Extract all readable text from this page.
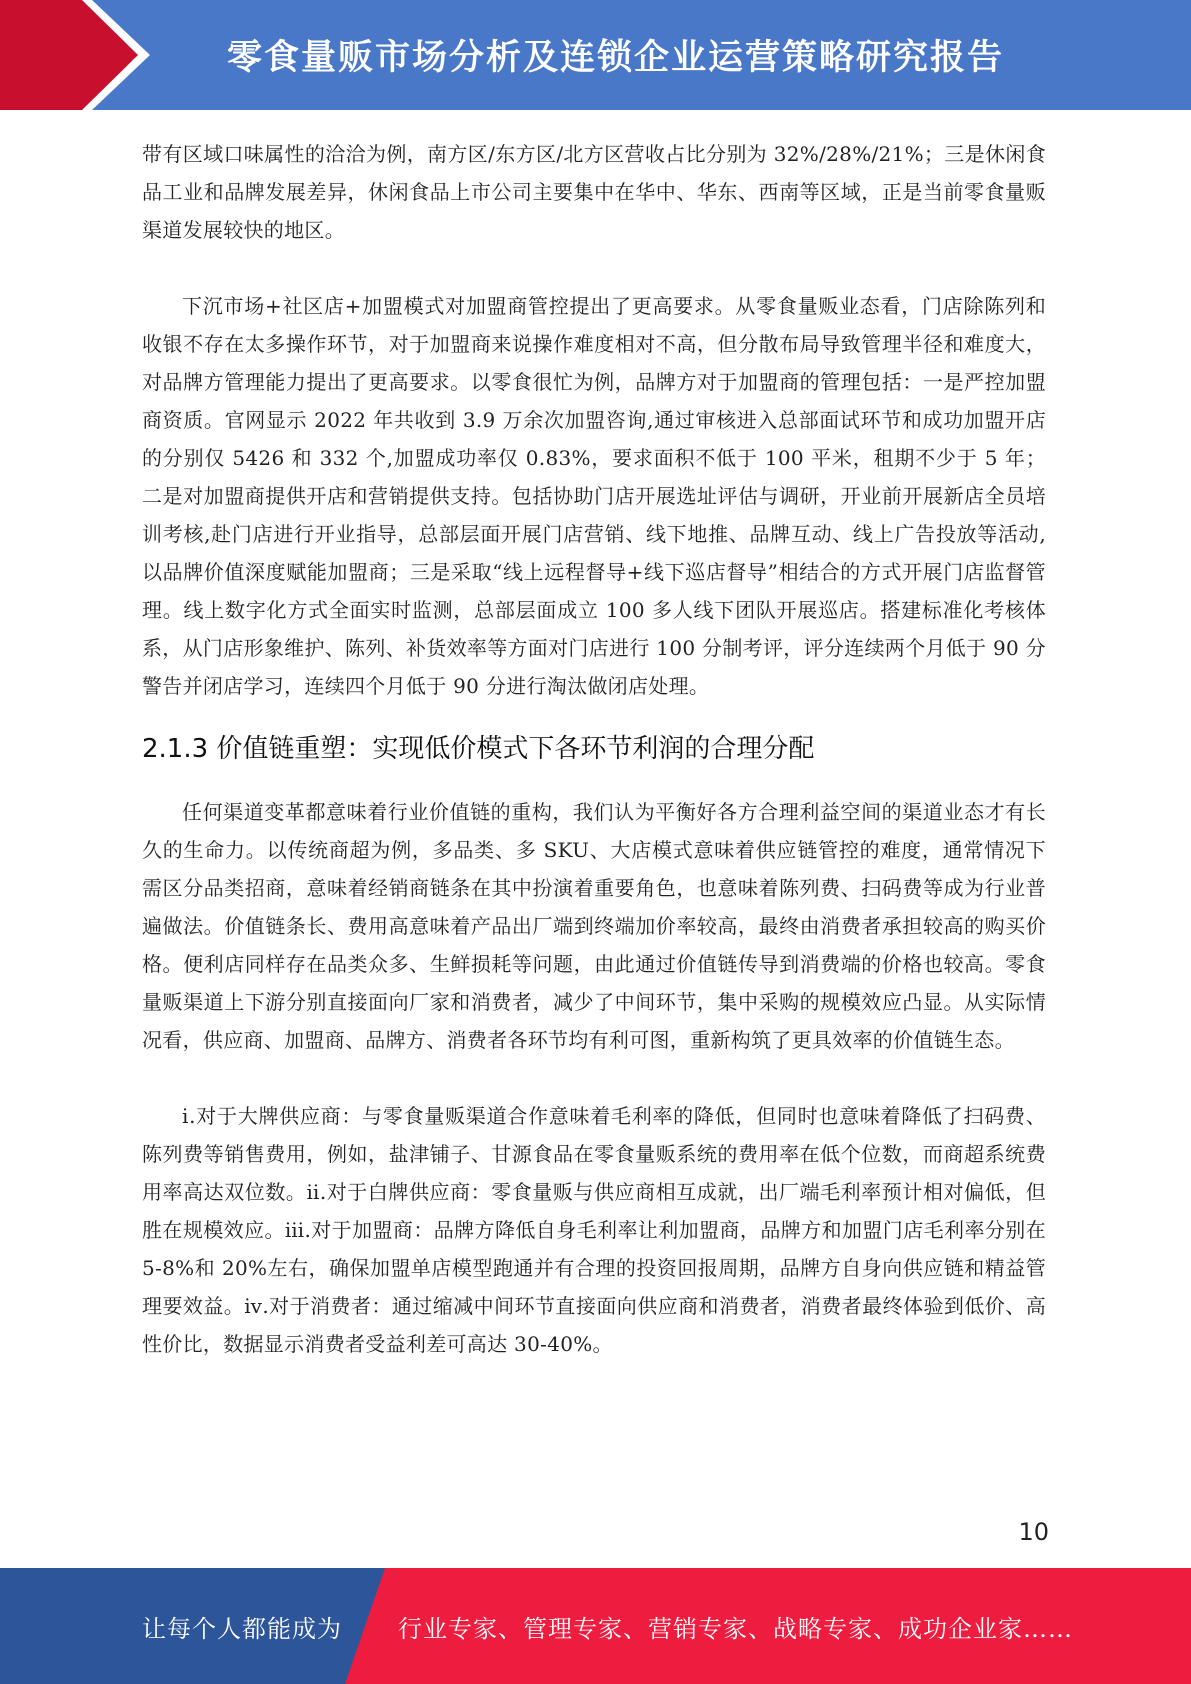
零食量贩市场分析及连锁企业运营策略研究报告

带有区域口味属性的洽洽为例，南方区/东方区/北方区营收占比分别为 32%/28%/21%；三是休闲食品工业和品牌发展差异，休闲食品上市公司主要集中在华中、华东、西南等区域，正是当前零食量贩渠道发展较快的地区。

下沉市场+社区店+加盟模式对加盟商管控提出了更高要求。从零食量贩业态看，门店除陈列和收银不存在太多操作环节，对于加盟商来说操作难度相对不高，但分散布局导致管理半径和难度大，对品牌方管理能力提出了更高要求。以零食很忙为例，品牌方对于加盟商的管理包括：一是严控加盟商资质。官网显示 2022 年共收到 3.9 万余次加盟咨询,通过审核进入总部面试环节和成功加盟开店的分别仅 5426 和 332 个,加盟成功率仅 0.83%，要求面积不低于 100 平米，租期不少于 5 年；二是对加盟商提供开店和营销提供支持。包括协助门店开展选址评估与调研，开业前开展新店全员培训考核,赴门店进行开业指导，总部层面开展门店营销、线下地推、品牌互动、线上广告投放等活动,以品牌价值深度赋能加盟商；三是采取“线上远程督导+线下巡店督导”相结合的方式开展门店监督管理。线上数字化方式全面实时监测，总部层面成立 100 多人线下团队开展巡店。搭建标准化考核体系，从门店形象维护、陈列、补货效率等方面对门店进行 100 分制考评，评分连续两个月低于 90 分警告并闭店学习，连续四个月低于 90 分进行淘汰做闭店处理。

2.1.3 价值链重塑：实现低价模式下各环节利润的合理分配

任何渠道变革都意味着行业价值链的重构，我们认为平衡好各方合理利益空间的渠道业态才有长久的生命力。以传统商超为例，多品类、多 SKU、大店模式意味着供应链管控的难度，通常情况下需区分品类招商，意味着经销商链条在其中扮演着重要角色，也意味着陈列费、扫码费等成为行业普遍做法。价值链条长、费用高意味着产品出厂端到终端加价率较高，最终由消费者承担较高的购买价格。便利店同样存在品类众多、生鲜损耗等问题，由此通过价值链传导到消费端的价格也较高。零食量贩渠道上下游分别直接面向厂家和消费者，减少了中间环节，集中采购的规模效应凸显。从实际情况看，供应商、加盟商、品牌方、消费者各环节均有利可图，重新构筑了更具效率的价值链生态。

ⅰ.对于大牌供应商：与零食量贩渠道合作意味着毛利率的降低，但同时也意味着降低了扫码费、陈列费等销售费用，例如，盐津铺子、甘源食品在零食量贩系统的费用率在低个位数，而商超系统费用率高达双位数。ⅱ.对于白牌供应商：零食量贩与供应商相互成就，出厂端毛利率预计相对偏低，但胜在规模效应。ⅲ.对于加盟商：品牌方降低自身毛利率让利加盟商，品牌方和加盟门店毛利率分别在 5-8%和 20%左右，确保加盟单店模型跑通并有合理的投资回报周期，品牌方自身向供应链和精益管理要效益。ⅳ.对于消费者：通过缩减中间环节直接面向供应商和消费者，消费者最终体验到低价、高性价比，数据显示消费者受益利差可高达 30-40%。

10
让每个人都能成为 行业专家、管理专家、营销专家、战略专家、成功企业家……
